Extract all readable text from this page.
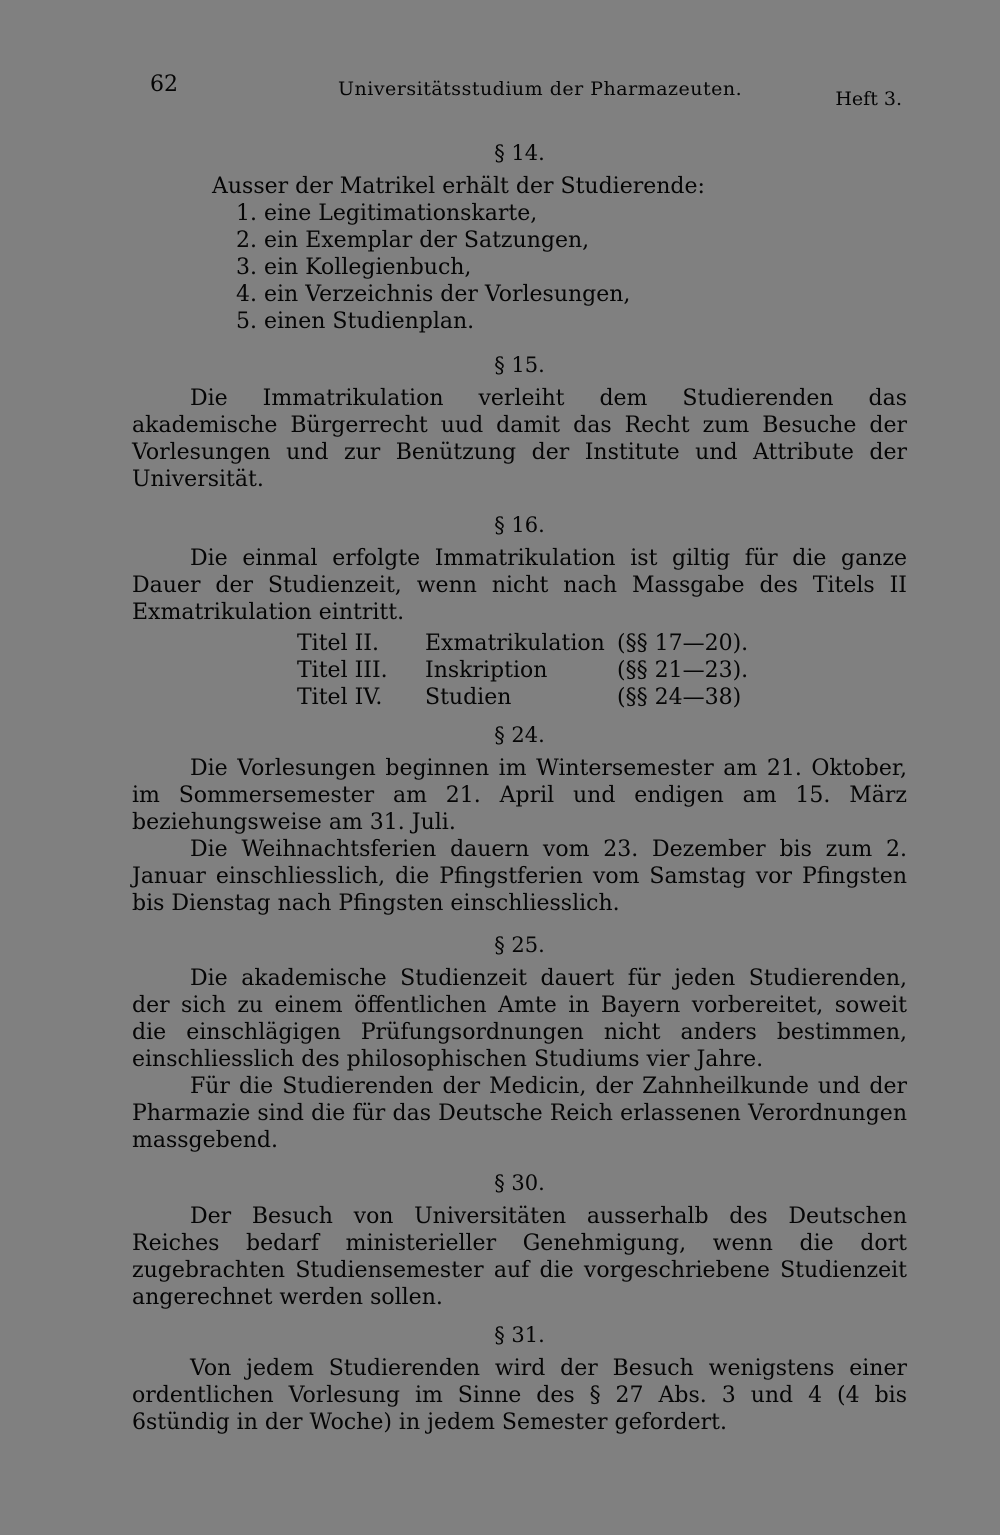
62	Universitätsstudium der Pharmazeuten.	Heft 3.
§ 14.

Ausser der Matrikel erhält der Studierende:

1. eine Legitimationskarte,
2. ein Exemplar der Satzungen,
3. ein Kollegienbuch,
4. ein Verzeichnis der Vorlesungen,
5. einen Studienplan.
§ 15.

Die Immatrikulation verleiht dem Studierenden das akademische Bürgerrecht uud damit das Recht zum Besuche der Vorlesungen und zur Benützung der Institute und Attribute der Universität.

§ 16.

Die einmal erfolgte Immatrikulation ist giltig für die ganze Dauer der Studienzeit, wenn nicht nach Massgabe des Titels II Exmatrikulation eintritt.

Titel II.	Exmatrikulation (§§ 17—20).
Titel III.	Inskription	(§§ 21—23).
Titel IV.	Studien	(§§ 24—38)
§ 24.

Die Vorlesungen beginnen im Wintersemester am 21. Oktober, im Sommersemester am 21. April und endigen am 15. März beziehungsweise am 31. Juli.

Die Weihnachtsferien dauern vom 23. Dezember bis zum 2. Januar einschliesslich, die Pfingstferien vom Samstag vor Pfingsten bis Dienstag nach Pfingsten einschliesslich.

§ 25.

Die akademische Studienzeit dauert für jeden Studierenden, der sich zu einem öffentlichen Amte in Bayern vorbereitet, soweit die einschlägigen Prüfungsordnungen nicht anders bestimmen, einschliesslich des philosophischen Studiums vier Jahre.

Für die Studierenden der Medicin, der Zahnheilkunde und der Pharmazie sind die für das Deutsche Reich erlassenen Verordnungen massgebend.

§ 30.

Der Besuch von Universitäten ausserhalb des Deutschen Reiches bedarf ministerieller Genehmigung, wenn die dort zugebrachten Studiensemester auf die vorgeschriebene Studienzeit angerechnet werden sollen.

§ 31.

Von jedem Studierenden wird der Besuch wenigstens einer ordentlichen Vorlesung im Sinne des § 27 Abs. 3 und 4 (4 bis 6stündig in der Woche) in jedem Semester gefordert.
